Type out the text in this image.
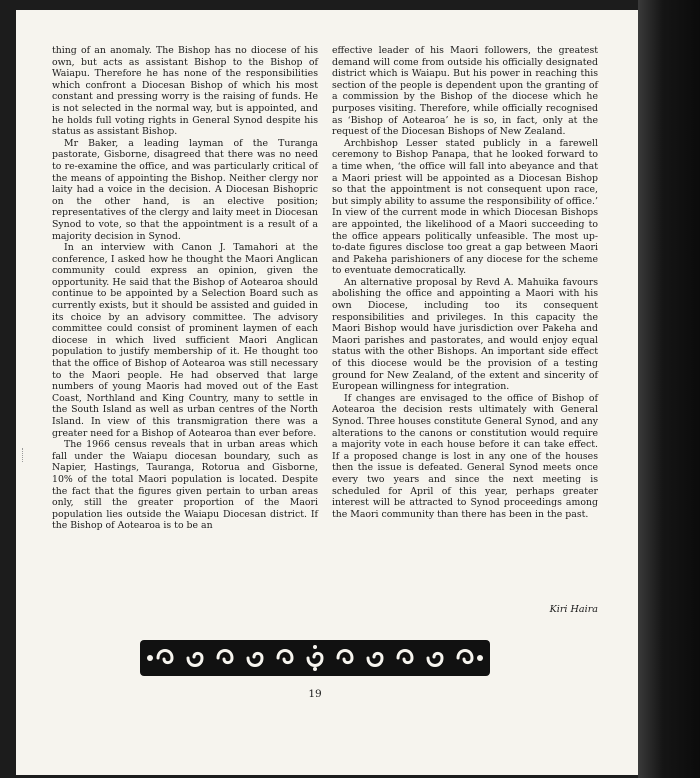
thing of an anomaly. The Bishop has no diocese of his own, but acts as assistant Bishop to the Bishop of Waiapu. Therefore he has none of the responsibilities which confront a Diocesan Bishop of which his most constant and pressing worry is the raising of funds. He is not selected in the normal way, but is appointed, and he holds full voting rights in General Synod despite his status as assistant Bishop.

Mr Baker, a leading layman of the Turanga pastorate, Gisborne, disagreed that there was no need to re-examine the office, and was particularly critical of the means of appointing the Bishop. Neither clergy nor laity had a voice in the decision. A Diocesan Bishopric on the other hand, is an elective position; representatives of the clergy and laity meet in Diocesan Synod to vote, so that the appointment is a result of a majority decision in Synod.

In an interview with Canon J. Tamahori at the conference, I asked how he thought the Maori Anglican community could express an opinion, given the opportunity. He said that the Bishop of Aotearoa should continue to be appointed by a Selection Board such as currently exists, but it should be assisted and guided in its choice by an advisory committee. The advisory committee could consist of prominent laymen of each diocese in which lived sufficient Maori Anglican population to justify membership of it. He thought too that the office of Bishop of Aotearoa was still necessary to the Maori people. He had observed that large numbers of young Maoris had moved out of the East Coast, Northland and King Country, many to settle in the South Island as well as urban centres of the North Island. In view of this transmigration there was a greater need for a Bishop of Aotearoa than ever before.

The 1966 census reveals that in urban areas which fall under the Waiapu diocesan boundary, such as Napier, Hastings, Tauranga, Rotorua and Gisborne, 10% of the total Maori population is located. Despite the fact that the figures given pertain to urban areas only, still the greater proportion of the Maori population lies outside the Waiapu Diocesan district. If the Bishop of Aotearoa is to be an

effective leader of his Maori followers, the greatest demand will come from outside his officially designated district which is Waiapu. But his power in reaching this section of the people is dependent upon the granting of a commission by the Bishop of the diocese which he purposes visiting. Therefore, while officially recognised as ‘Bishop of Aotearoa’ he is so, in fact, only at the request of the Diocesan Bishops of New Zealand.

Archbishop Lesser stated publicly in a farewell ceremony to Bishop Panapa, that he looked forward to a time when, ‘the office will fall into abeyance and that a Maori priest will be appointed as a Diocesan Bishop so that the appointment is not consequent upon race, but simply ability to assume the responsibility of office.’ In view of the current mode in which Diocesan Bishops are appointed, the likelihood of a Maori succeeding to the office appears politically unfeasible. The most up-to-date figures disclose too great a gap between Maori and Pakeha parishioners of any diocese for the scheme to eventuate democratically.

An alternative proposal by Revd A. Mahuika favours abolishing the office and appointing a Maori with his own Diocese, including too its consequent responsibilities and privileges. In this capacity the Maori Bishop would have jurisdiction over Pakeha and Maori parishes and pastorates, and would enjoy equal status with the other Bishops. An important side effect of this diocese would be the provision of a testing ground for New Zealand, of the extent and sincerity of European willingness for integration.

If changes are envisaged to the office of Bishop of Aotearoa the decision rests ultimately with General Synod. Three houses constitute General Synod, and any alterations to the canons or constitution would require a majority vote in each house before it can take effect. If a proposed change is lost in any one of the houses then the issue is defeated. General Synod meets once every two years and since the next meeting is scheduled for April of this year, perhaps greater interest will be attracted to Synod proceedings among the Maori community than there has been in the past.

Kiri Haira
19
